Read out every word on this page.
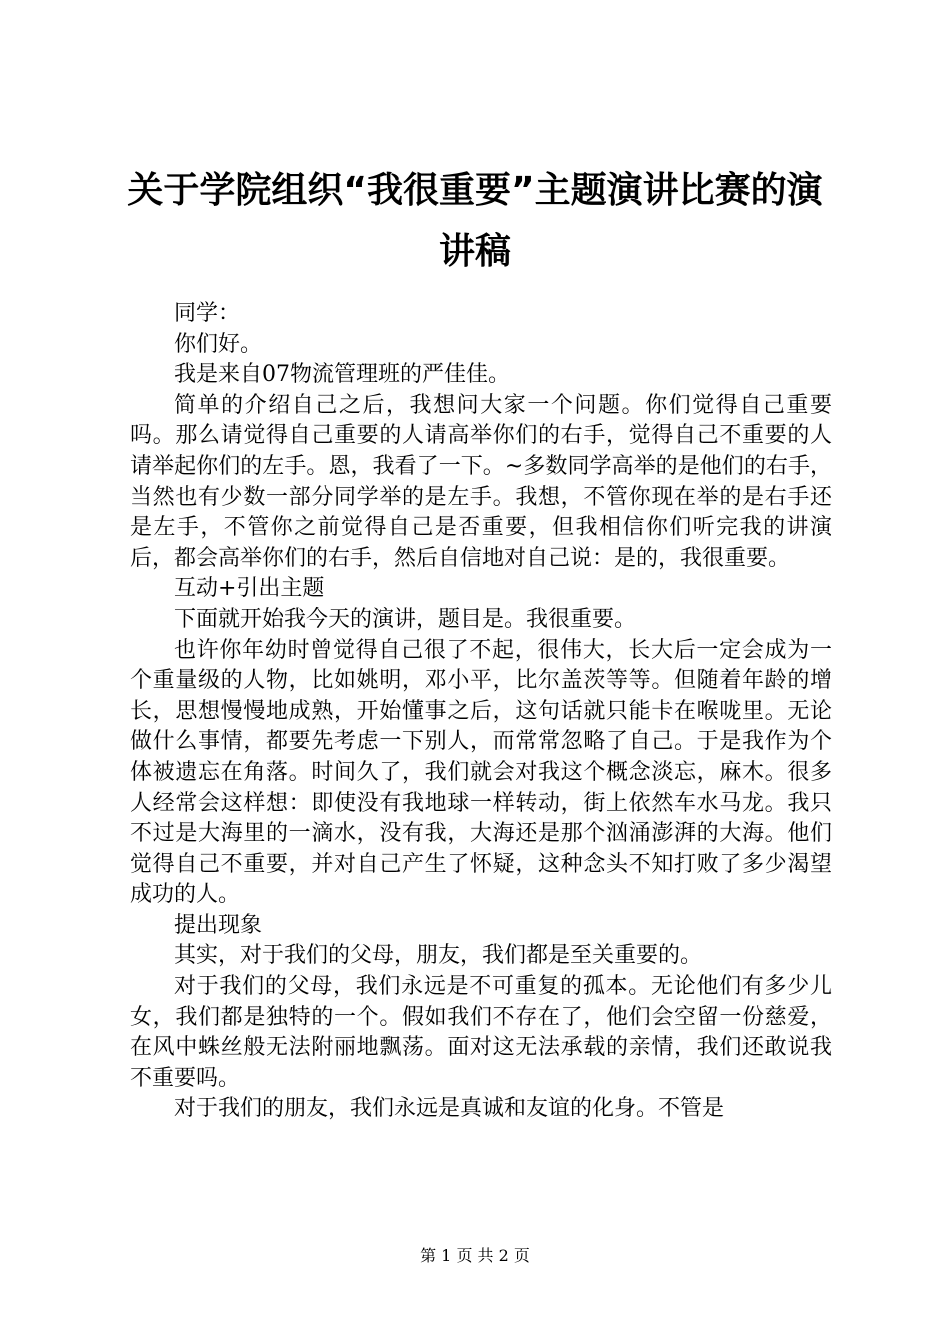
关于学院组织“我很重要”主题演讲比赛的演
讲稿

同学：

你们好。

我是来自07物流管理班的严佳佳。

简单的介绍自己之后，我想问大家一个问题。你们觉得自己重要吗。那么请觉得自己重要的人请高举你们的右手，觉得自己不重要的人请举起你们的左手。恩，我看了一下。~多数同学高举的是他们的右手，当然也有少数一部分同学举的是左手。我想，不管你现在举的是右手还是左手，不管你之前觉得自己是否重要，但我相信你们听完我的讲演后，都会高举你们的右手，然后自信地对自己说：是的，我很重要。

互动+引出主题

下面就开始我今天的演讲，题目是。我很重要。

也许你年幼时曾觉得自己很了不起，很伟大，长大后一定会成为一个重量级的人物，比如姚明，邓小平，比尔盖茨等等。但随着年龄的增长，思想慢慢地成熟，开始懂事之后，这句话就只能卡在喉咙里。无论做什么事情，都要先考虑一下别人，而常常忽略了自己。于是我作为个体被遗忘在角落。时间久了，我们就会对我这个概念淡忘，麻木。很多人经常会这样想：即使没有我地球一样转动，街上依然车水马龙。我只不过是大海里的一滴水，没有我，大海还是那个汹涌澎湃的大海。他们觉得自己不重要，并对自己产生了怀疑，这种念头不知打败了多少渴望成功的人。

提出现象

其实，对于我们的父母，朋友，我们都是至关重要的。

对于我们的父母，我们永远是不可重复的孤本。无论他们有多少儿女，我们都是独特的一个。假如我们不存在了，他们会空留一份慈爱，在风中蛛丝般无法附丽地飘荡。面对这无法承载的亲情，我们还敢说我不重要吗。

对于我们的朋友，我们永远是真诚和友谊的化身。不管是

第 1 页 共 2 页
